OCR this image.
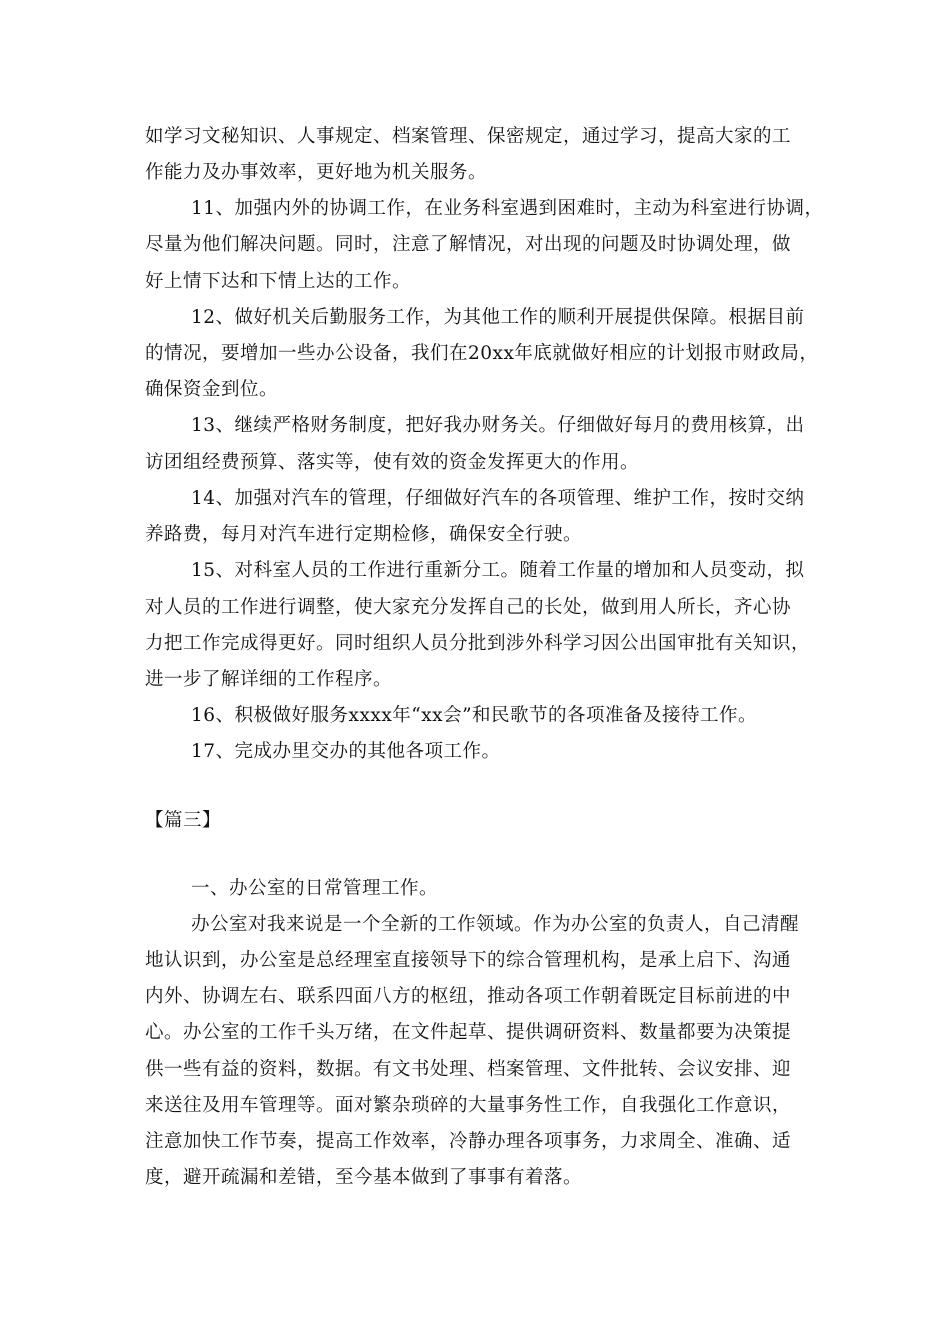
如学习文秘知识、人事规定、档案管理、保密规定，通过学习，提高大家的工
作能力及办事效率，更好地为机关服务。
11、加强内外的协调工作，在业务科室遇到困难时，主动为科室进行协调，
尽量为他们解决问题。同时，注意了解情况，对出现的问题及时协调处理，做
好上情下达和下情上达的工作。
12、做好机关后勤服务工作，为其他工作的顺利开展提供保障。根据目前
的情况，要增加一些办公设备，我们在20xx年底就做好相应的计划报市财政局，
确保资金到位。
13、继续严格财务制度，把好我办财务关。仔细做好每月的费用核算，出
访团组经费预算、落实等，使有效的资金发挥更大的作用。
14、加强对汽车的管理，仔细做好汽车的各项管理、维护工作，按时交纳
养路费，每月对汽车进行定期检修，确保安全行驶。
15、对科室人员的工作进行重新分工。随着工作量的增加和人员变动，拟
对人员的工作进行调整，使大家充分发挥自己的长处，做到用人所长，齐心协
力把工作完成得更好。同时组织人员分批到涉外科学习因公出国审批有关知识，
进一步了解详细的工作程序。
16、积极做好服务xxxx年“xx会”和民歌节的各项准备及接待工作。
17、完成办里交办的其他各项工作。
【篇三】
一、办公室的日常管理工作。
办公室对我来说是一个全新的工作领域。作为办公室的负责人，自己清醒
地认识到，办公室是总经理室直接领导下的综合管理机构，是承上启下、沟通
内外、协调左右、联系四面八方的枢纽，推动各项工作朝着既定目标前进的中
心。办公室的工作千头万绪，在文件起草、提供调研资料、数量都要为决策提
供一些有益的资料，数据。有文书处理、档案管理、文件批转、会议安排、迎
来送往及用车管理等。面对繁杂琐碎的大量事务性工作，自我强化工作意识，
注意加快工作节奏，提高工作效率，冷静办理各项事务，力求周全、准确、适
度，避开疏漏和差错，至今基本做到了事事有着落。
